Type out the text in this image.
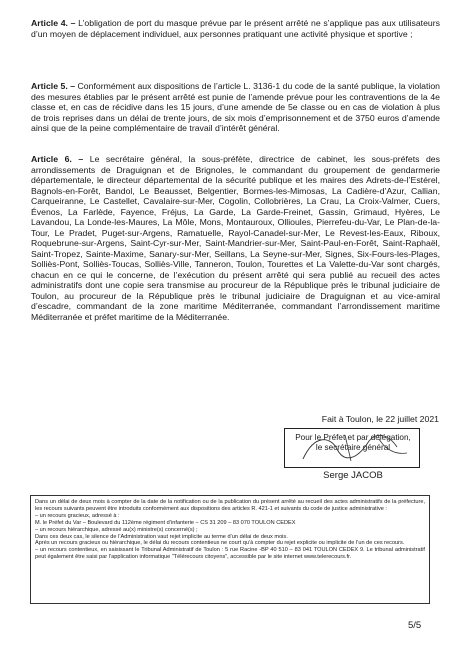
Article 4. – L’obligation de port du masque prévue par le présent arrêté ne s’applique pas aux utilisateurs d’un moyen de déplacement individuel, aux personnes pratiquant une activité physique et sportive ;
Article 5. – Conformément aux dispositions de l’article L. 3136-1 du code de la santé publique, la violation des mesures établies par le présent arrêté est punie de l’amende prévue pour les contraventions de la 4e classe et, en cas de récidive dans les 15 jours, d’une amende de 5e classe ou en cas de violation à plus de trois reprises dans un délai de trente jours, de six mois d’emprisonnement et de 3750 euros d’amende ainsi que de la peine complémentaire de travail d’intérêt général.
Article 6. – Le secrétaire général, la sous-préfète, directrice de cabinet, les sous-préfets des arrondissements de Draguignan et de Brignoles, le commandant du groupement de gendarmerie départementale, le directeur départemental de la sécurité publique et les maires des Adrets-de-l’Estérel, Bagnols-en-Forêt, Bandol, Le Beausset, Belgentier, Bormes-les-Mimosas, La Cadière-d’Azur, Callian, Carqueiranne, Le Castellet, Cavalaire-sur-Mer, Cogolin, Collobrières, La Crau, La Croix-Valmer, Cuers, Évenos, La Farlède, Fayence, Fréjus, La Garde, La Garde-Freinet, Gassin, Grimaud, Hyères, Le Lavandou, La Londe-les-Maures, La Môle, Mons, Montauroux, Ollioules, Pierrefeu-du-Var, Le Plan-de-la-Tour, Le Pradet, Puget-sur-Argens, Ramatuelle, Rayol-Canadel-sur-Mer, Le Revest-les-Eaux, Riboux, Roquebrune-sur-Argens, Saint-Cyr-sur-Mer, Saint-Mandrier-sur-Mer, Saint-Paul-en-Forêt, Saint-Raphaël, Saint-Tropez, Sainte-Maxime, Sanary-sur-Mer, Seillans, La Seyne-sur-Mer, Signes, Six-Fours-les-Plages, Solliès-Pont, Solliès-Toucas, Solliès-Ville, Tanneron, Toulon, Tourettes et La Valette-du-Var sont chargés, chacun en ce qui le concerne, de l’exécution du présent arrêté qui sera publié au recueil des actes administratifs dont une copie sera transmise au procureur de la République près le tribunal judiciaire de Toulon, au procureur de la République près le tribunal judiciaire de Draguignan et au vice-amiral d’escadre, commandant de la zone maritime Méditerranée, commandant l’arrondissement maritime Méditerranée et préfet maritime de la Méditerranée.
Fait à Toulon, le 22 juillet 2021
Pour le Préfet et par délégation,
le secrétaire général
Serge JACOB

Dans un délai de deux mois à compter de la date de la notification ou de la publication du présent arrêté au recueil des actes administratifs de la préfecture, les recours suivants peuvent être introduits conformément aux dispositions des articles R. 421-1 et suivants du code de justice administrative :

– un recours gracieux, adressé à :

M. le Préfet du Var – Boulevard du 112ème régiment d’infanterie – CS 31 209 – 83 070 TOULON CEDEX

– un recours hiérarchique, adressé au(x) ministre(s) concerné(s) ;

Dans ces deux cas, le silence de l’Administration vaut rejet implicite au terme d’un délai de deux mois.

Après un recours gracieux ou hiérarchique, le délai du recours contentieux ne court qu’à compter du rejet explicite ou implicite de l’un de ces recours.

– un recours contentieux, en saisissant le Tribunal Administratif de Toulon : 5 rue Racine -BP 40 510 – 83 041 TOULON CEDEX 9. Le tribunal administratif peut également être saisi par l’application informatique “Télérecours citoyens”, accessible par le site internet www.telerecours.fr.

5/5
